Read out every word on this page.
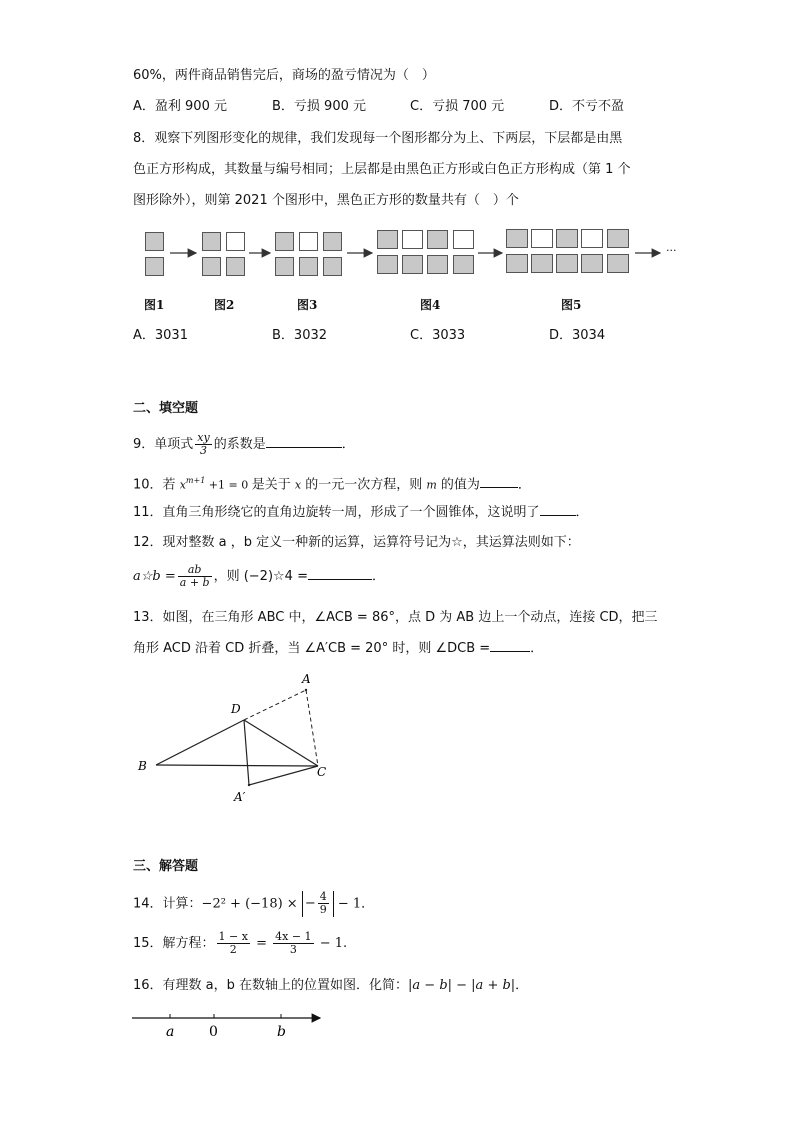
60%，两件商品销售完后，商场的盈亏情况为（　）
A．盈利 900 元	B．亏损 900 元	C．亏损 700 元	D．不亏不盈
8．观察下列图形变化的规律，我们发现每一个图形都分为上、下两层，下层都是由黑
色正方形构成，其数量与编号相同；上层都是由黑色正方形或白色正方形构成（第 1 个
图形除外），则第 2021 个图形中，黑色正方形的数量共有（　）个
···
图1	图2	图3	图4	图5
A．3031	B．3032	C．3033	D．3034
二、填空题
9．单项式 $\frac{xy}{3}$ 的系数是	．
10．若 $x^{m+1} +1 = 0$ 是关于 x 的一元一次方程，则 m 的值为	．
11．直角三角形绕它的直角边旋转一周，形成了一个圆锥体，这说明了	．
12．现对整数 a ，b 定义一种新的运算，运算符号记为☆，其运算法则如下：
a☆b = $\frac{ab}{a + b}$ ，则 (−2)☆4 =	．
13．如图，在三角形 ABC 中，∠ACB = 86°，点 D 为 AB 边上一个动点，连接 CD，把三
角形 ACD 沿着 CD 折叠，当 ∠A′CB = 20° 时，则 ∠DCB =	．
A
B	C
D
A′
三、解答题
14．计算：−2² + (−18) × − $\frac{4}{9} - 1$．
15．解方程： $\frac{1 - x}{2} = \frac{4x - 1}{3} - 1$.
16．有理数 a，b 在数轴上的位置如图．化简：|a − b| − |a + b|．
a 0	b
